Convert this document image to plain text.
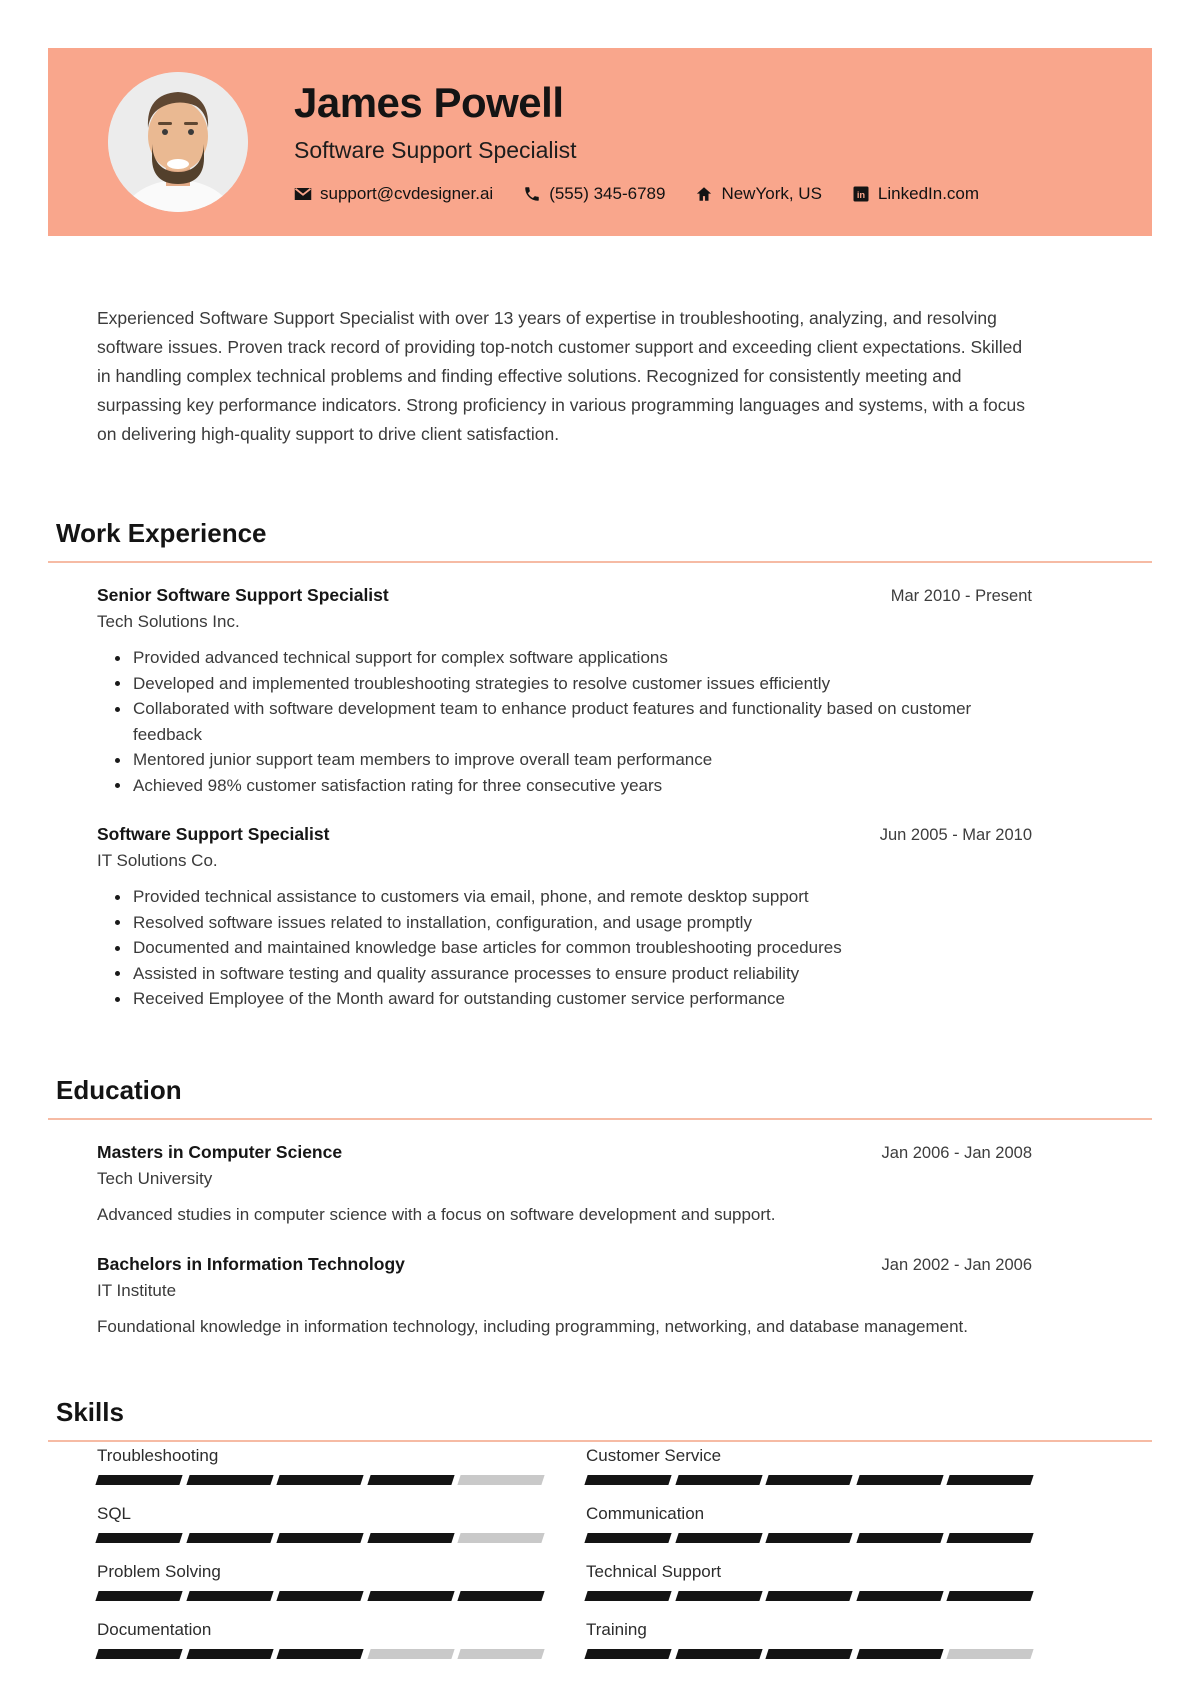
James Powell
Software Support Specialist
support@cvdesigner.ai	(555) 345-6789	NewYork, US	in LinkedIn.com

Experienced Software Support Specialist with over 13 years of expertise in troubleshooting, analyzing, and resolving software issues. Proven track record of providing top-notch customer support and exceeding client expectations. Skilled in handling complex technical problems and finding effective solutions. Recognized for consistently meeting and surpassing key performance indicators. Strong proficiency in various programming languages and systems, with a focus on delivering high-quality support to drive client satisfaction.

Work Experience
Senior Software Support Specialist	Mar 2010 - Present
Tech Solutions Inc.
Provided advanced technical support for complex software applications
Developed and implemented troubleshooting strategies to resolve customer issues efficiently
Collaborated with software development team to enhance product features and functionality based on customer feedback
Mentored junior support team members to improve overall team performance
Achieved 98% customer satisfaction rating for three consecutive years
Software Support Specialist	Jun 2005 - Mar 2010
IT Solutions Co.
Provided technical assistance to customers via email, phone, and remote desktop support
Resolved software issues related to installation, configuration, and usage promptly
Documented and maintained knowledge base articles for common troubleshooting procedures
Assisted in software testing and quality assurance processes to ensure product reliability
Received Employee of the Month award for outstanding customer service performance
Education
Masters in Computer Science	Jan 2006 - Jan 2008
Tech University

Advanced studies in computer science with a focus on software development and support.

Bachelors in Information Technology	Jan 2002 - Jan 2006
IT Institute

Foundational knowledge in information technology, including programming, networking, and database management.

Skills
Troubleshooting	Customer Service
SQL	Communication
Problem Solving	Technical Support
Documentation	Training
